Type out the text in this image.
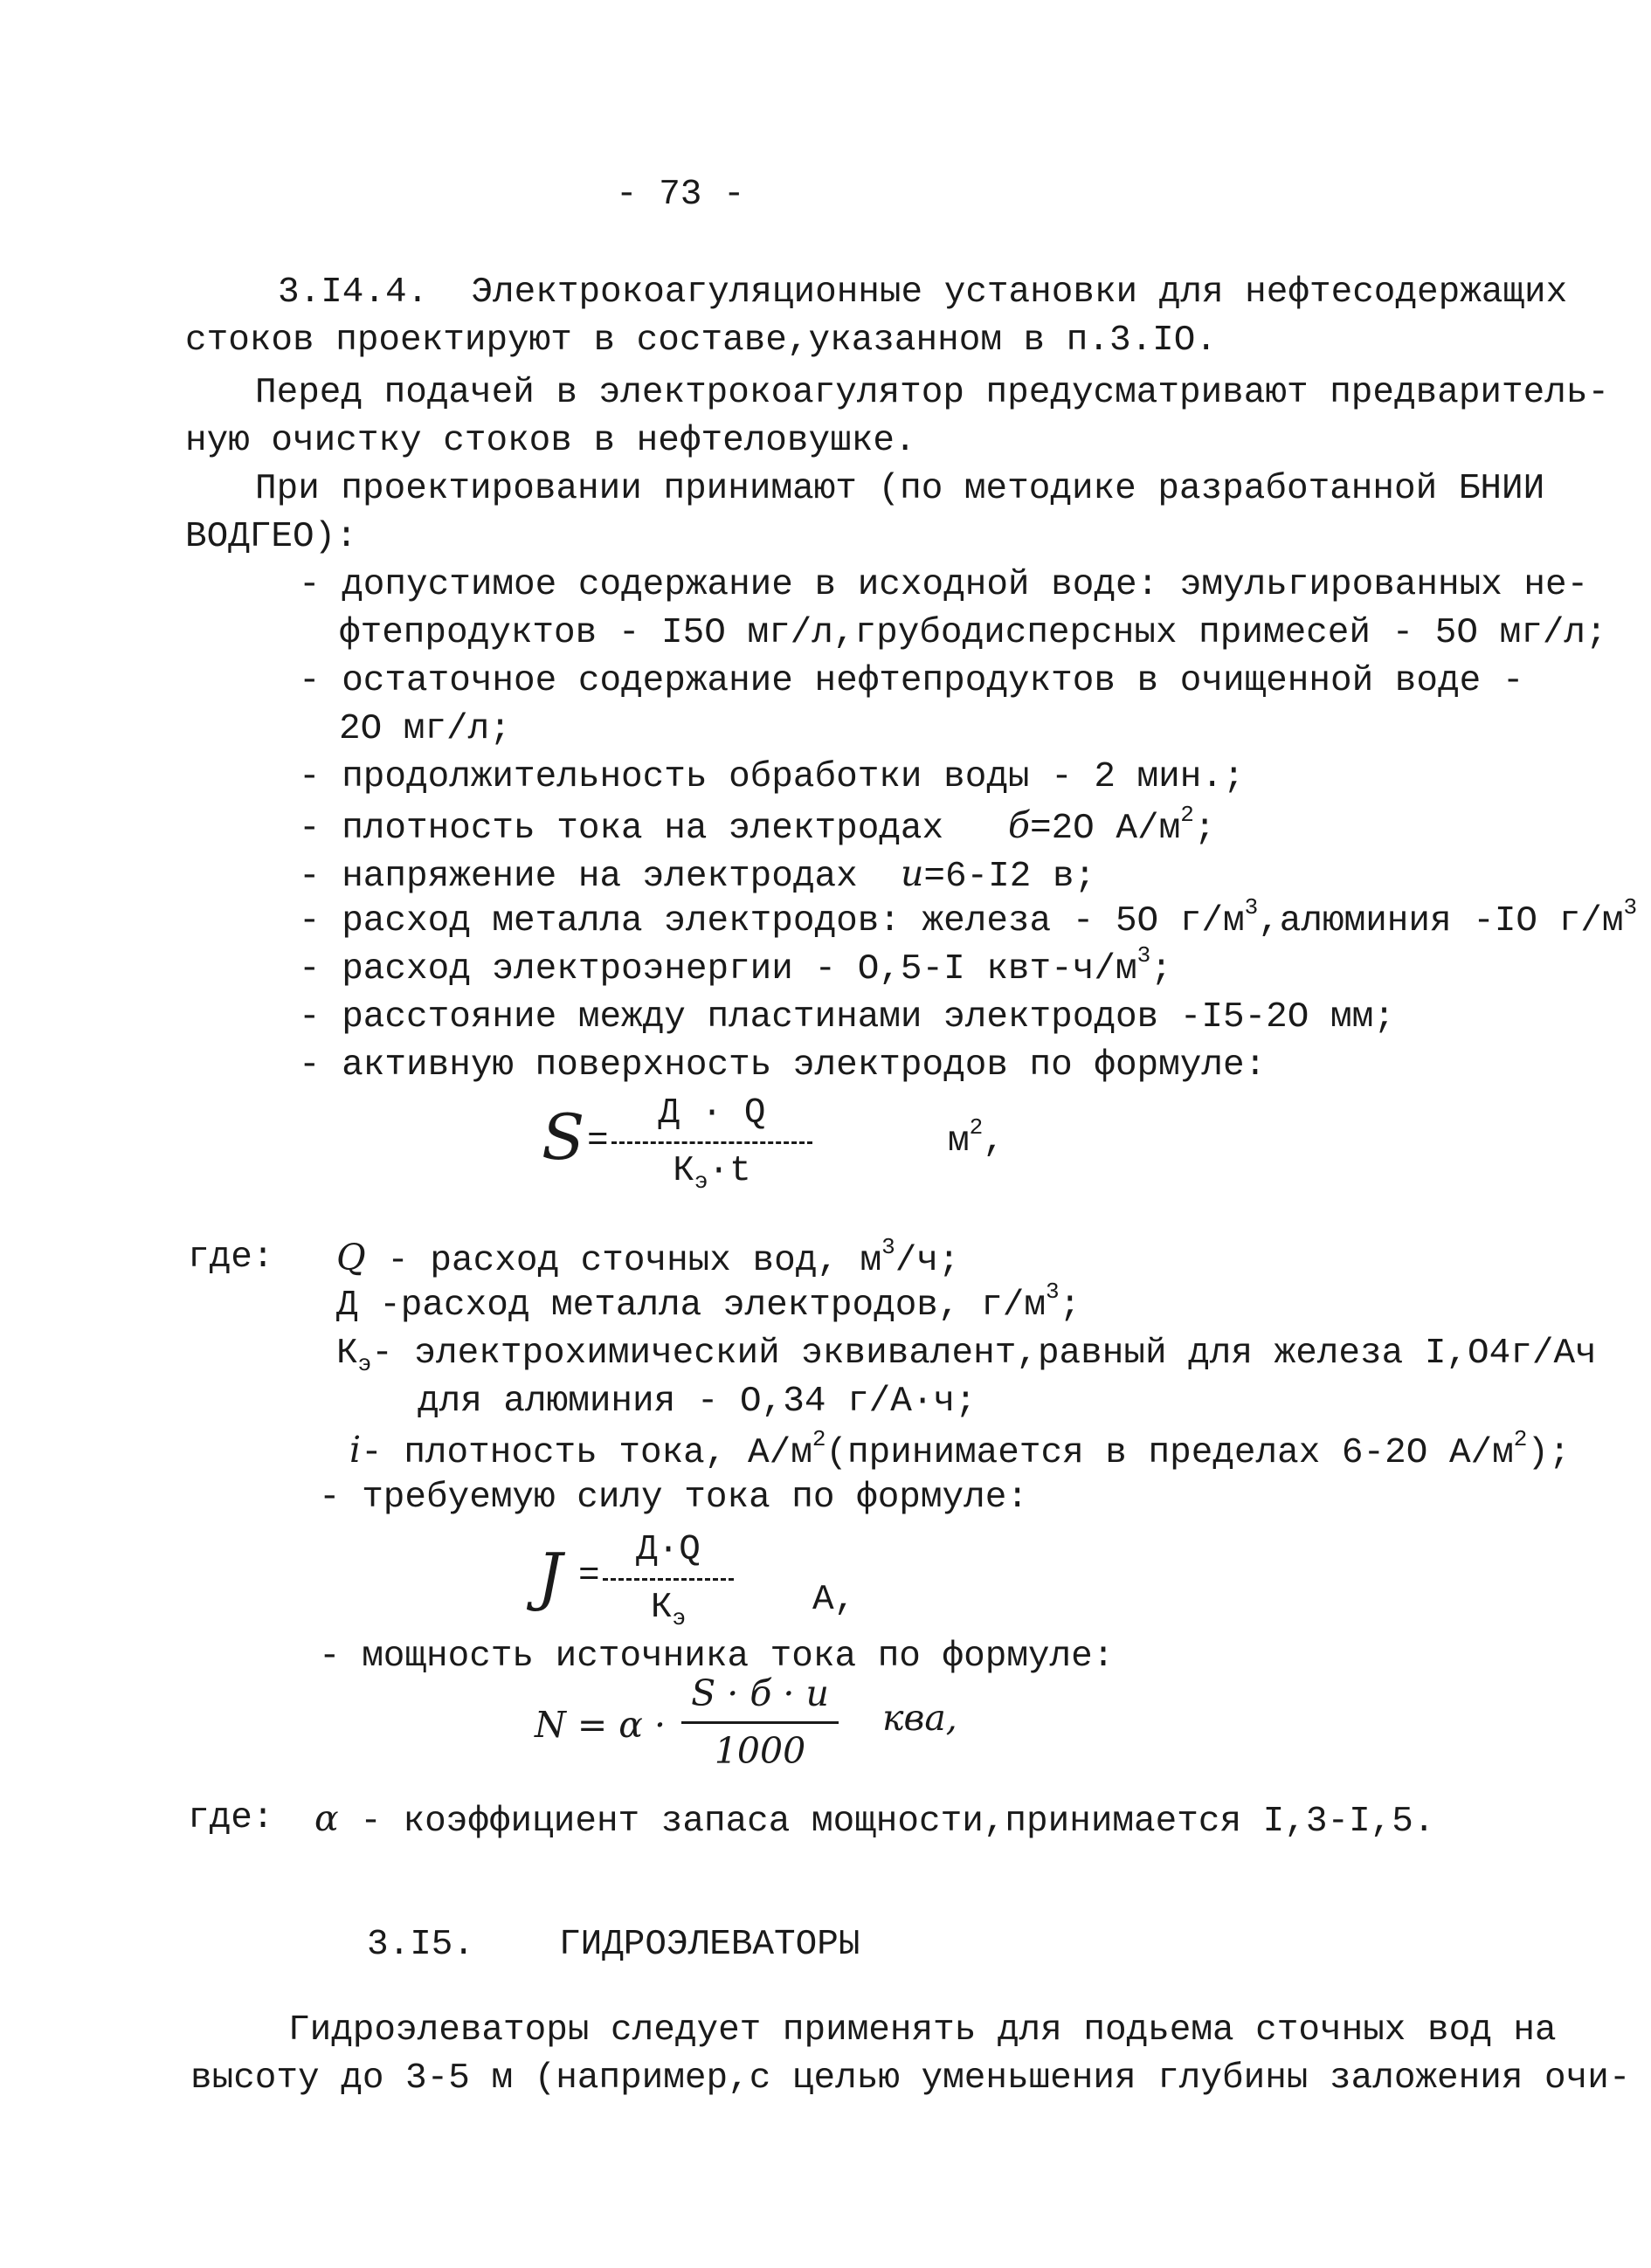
- 73 -
3.I4.4.  Электрокоагуляционные установки для нефтесодержащих
стоков проектируют в составе,указанном в п.3.IO.
Перед подачей в электрокоагулятор предусматривают предваритель-
ную очистку стоков в нефтеловушке.
При проектировании принимают (по методике разработанной БНИИ
ВОДГЕО):
- допустимое содержание в исходной воде: эмульгированных не-
фтепродуктов - I5O мг/л,грубодисперсных примесей - 5O мг/л;
- остаточное содержание нефтепродуктов в очищенной воде -
2O мг/л;
- продолжительность обработки воды - 2 мин.;
- плотность тока на электродах б=2O $А/м^2$;
- напряжение на электродах u=6-I2 в;
- расход металла электродов: железа - 5O $г/м^3,алюминия$ -IO $г/м^3$
- расход электроэнергии - O,5-I квт-$ч/м^3$;
- расстояние между пластинами электродов -I5-2O мм;
- активную поверхность электродов по формуле:
S =
Д · Q
$К_э\cdot t$
$м^2$,
где: Q - расход сточных вод, $м^3/ч$;
Д -расход металла электродов, $г/м^3$;
$К_э-$ электрохимический эквивалент,равный для железа I,O4г/Ач
для алюминия - O,34 г/А·ч;
i- плотность тока, $А/м^2(принимается$ в пределах 6-2O $А/м^2$);
- требуемую силу тока по формуле:
J =
Д·Q
$К_э$	А,
- мощность источника тока по формуле:
N = α ·
S · б · u
1000
ква,
где: α - коэффициент запаса мощности,принимается I,3-I,5.
3.I5. ГИДРОЭЛЕВАТОРЫ
Гидроэлеваторы следует применять для подьема сточных вод на
высоту до 3-5 м (например,с целью уменьшения глубины заложения очи-
